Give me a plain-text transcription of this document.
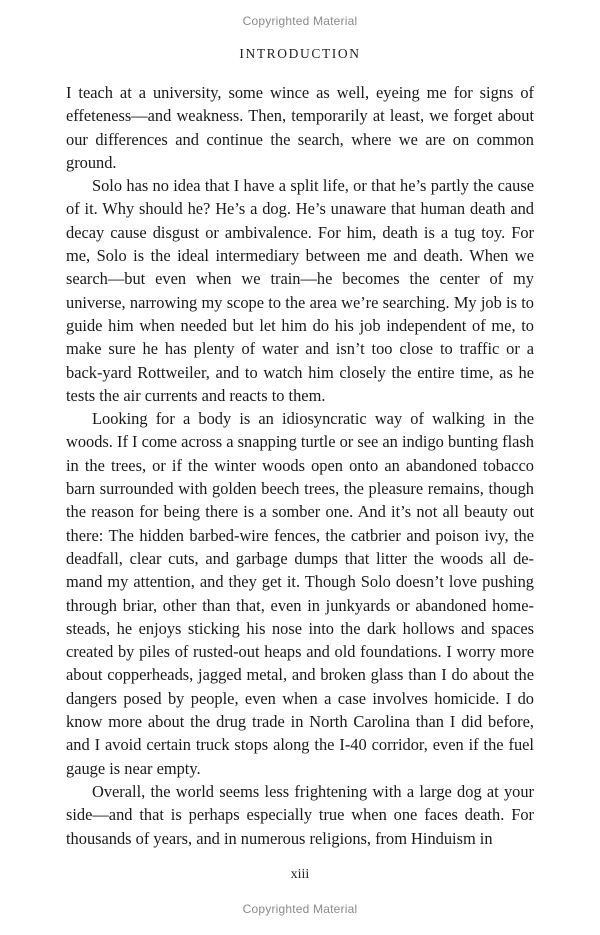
Copyrighted Material
INTRODUCTION

I teach at a university, some wince as well, eyeing me for signs of effeteness—and weakness. Then, temporarily at least, we forget about our differences and continue the search, where we are on common ground.

Solo has no idea that I have a split life, or that he’s partly the cause of it. Why should he? He’s a dog. He’s unaware that human death and decay cause disgust or ambivalence. For him, death is a tug toy. For me, Solo is the ideal intermediary between me and death. When we search—but even when we train—he becomes the center of my universe, narrowing my scope to the area we’re searching. My job is to guide him when needed but let him do his job independent of me, to make sure he has plenty of water and isn’t too close to traffic or a back-yard Rottweiler, and to watch him closely the entire time, as he tests the air currents and reacts to them.

Looking for a body is an idiosyncratic way of walking in the woods. If I come across a snapping turtle or see an indigo bunting flash in the trees, or if the winter woods open onto an abandoned tobacco barn surrounded with golden beech trees, the pleasure remains, though the reason for being there is a somber one. And it’s not all beauty out there: The hidden barbed-wire fences, the catbrier and poison ivy, the deadfall, clear cuts, and garbage dumps that litter the woods all de-mand my attention, and they get it. Though Solo doesn’t love pushing through briar, other than that, even in junkyards or abandoned home-steads, he enjoys sticking his nose into the dark hollows and spaces created by piles of rusted-out heaps and old foundations. I worry more about copperheads, jagged metal, and broken glass than I do about the dangers posed by people, even when a case involves homicide. I do know more about the drug trade in North Carolina than I did before, and I avoid certain truck stops along the I-40 corridor, even if the fuel gauge is near empty.

Overall, the world seems less frightening with a large dog at your side—and that is perhaps especially true when one faces death. For thousands of years, and in numerous religions, from Hinduism in

xiii
Copyrighted Material
